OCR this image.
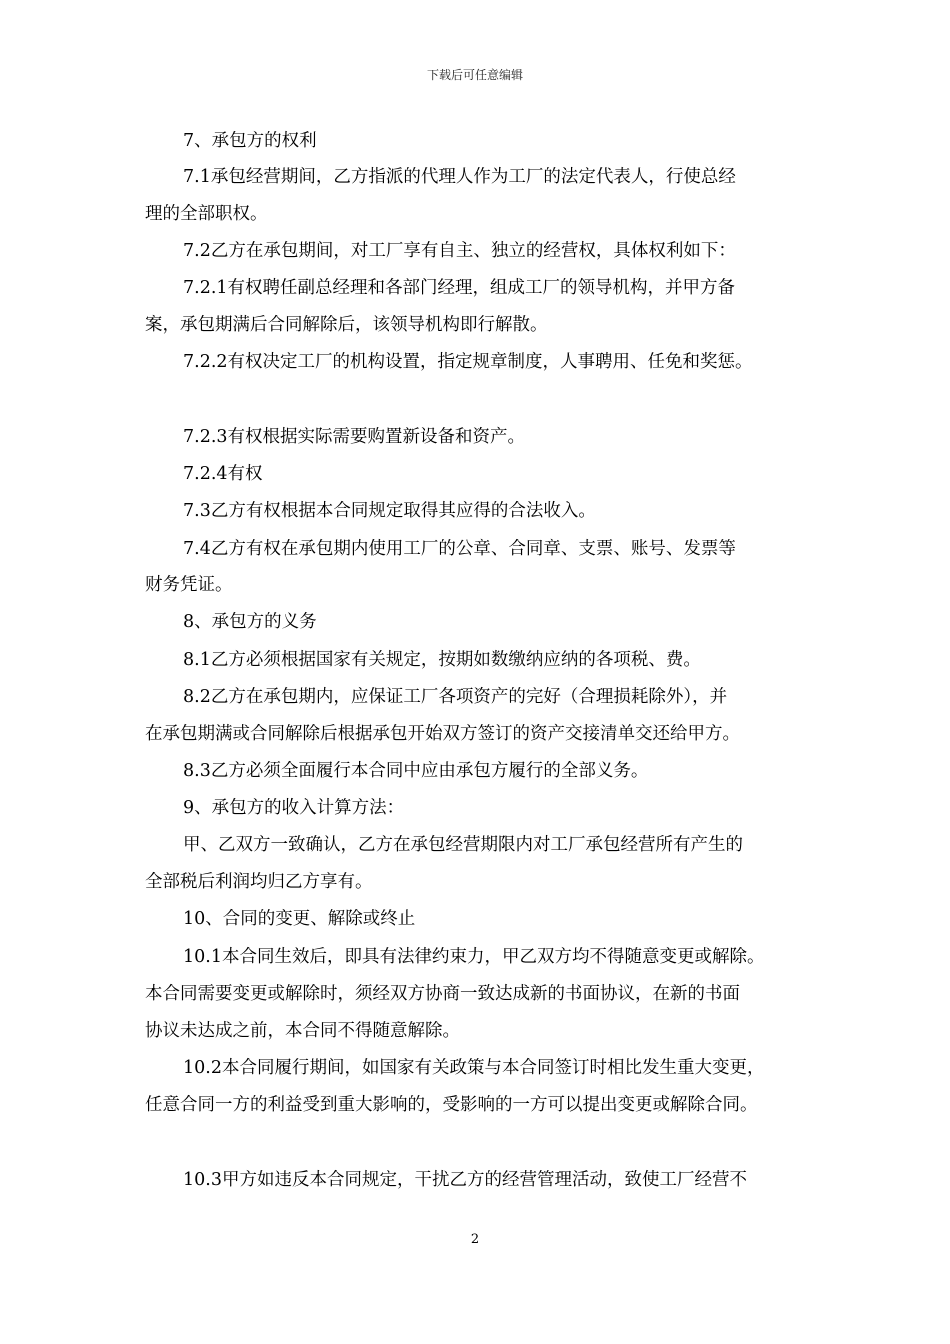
下载后可任意编辑
7、承包方的权利
7.1承包经营期间，乙方指派的代理人作为工厂的法定代表人，行使总经
理的全部职权。
7.2乙方在承包期间，对工厂享有自主、独立的经营权，具体权利如下：
7.2.1有权聘任副总经理和各部门经理，组成工厂的领导机构，并甲方备
案，承包期满后合同解除后，该领导机构即行解散。
7.2.2有权决定工厂的机构设置，指定规章制度，人事聘用、任免和奖惩。
7.2.3有权根据实际需要购置新设备和资产。
7.2.4有权
7.3乙方有权根据本合同规定取得其应得的合法收入。
7.4乙方有权在承包期内使用工厂的公章、合同章、支票、账号、发票等
财务凭证。
8、承包方的义务
8.1乙方必须根据国家有关规定，按期如数缴纳应纳的各项税、费。
8.2乙方在承包期内，应保证工厂各项资产的完好（合理损耗除外），并
在承包期满或合同解除后根据承包开始双方签订的资产交接清单交还给甲方。
8.3乙方必须全面履行本合同中应由承包方履行的全部义务。
9、承包方的收入计算方法：
甲、乙双方一致确认，乙方在承包经营期限内对工厂承包经营所有产生的
全部税后利润均归乙方享有。
10、合同的变更、解除或终止
10.1本合同生效后，即具有法律约束力，甲乙双方均不得随意变更或解除。
本合同需要变更或解除时，须经双方协商一致达成新的书面协议，在新的书面
协议未达成之前，本合同不得随意解除。
10.2本合同履行期间，如国家有关政策与本合同签订时相比发生重大变更，
任意合同一方的利益受到重大影响的，受影响的一方可以提出变更或解除合同。
10.3甲方如违反本合同规定，干扰乙方的经营管理活动，致使工厂经营不
2
